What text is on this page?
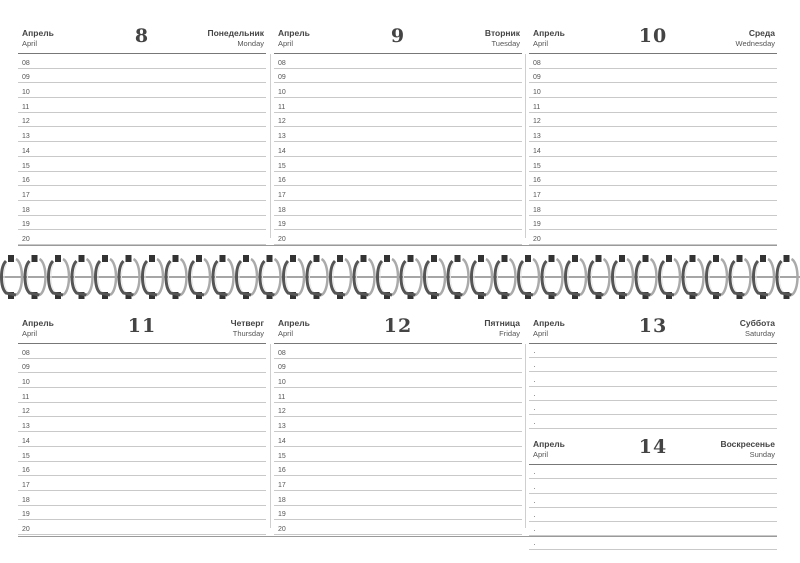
Апрель
April	8	Понедельник
Monday
08
09
10
11
12
13
14
15
16
17
18
19
20
Апрель
April	9	Вторник
Tuesday
08
09
10
11
12
13
14
15
16
17
18
19
20
Апрель
April	10	Среда
Wednesday
08
09
10
11
12
13
14
15
16
17
18
19
20
Апрель
April	11	Четверг
Thursday
08
09
10
11
12
13
14
15
16
17
18
19
20
Апрель
April	12	Пятница
Friday
08
09
10
11
12
13
14
15
16
17
18
19
20
Апрель
April	13	Суббота
Saturday
·
·
·
·
·
·
Апрель
April	14	Воскресенье
Sunday
·
·
·
·
·
·
